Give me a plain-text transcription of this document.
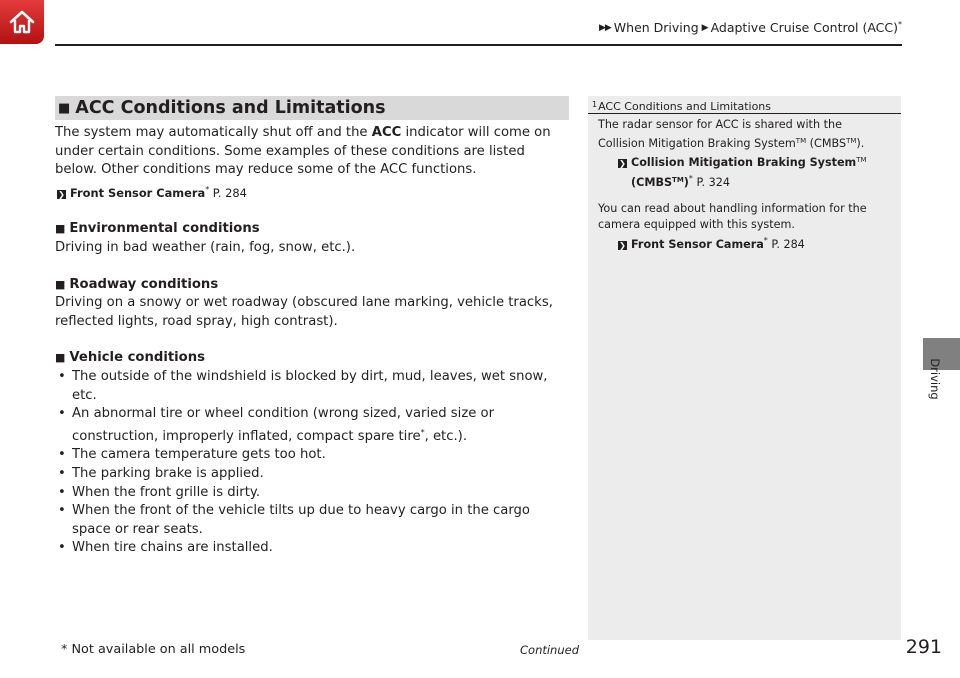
▶▶ When Driving ▶ Adaptive Cruise Control (ACC)*
■ ACC Conditions and Limitations

The system may automatically shut off and the ACC indicator will come on under certain conditions. Some examples of these conditions are listed below. Other conditions may reduce some of the ACC functions.

❯ Front Sensor Camera* P. 284
■ Environmental conditions

Driving in bad weather (rain, fog, snow, etc.).

■ Roadway conditions

Driving on a snowy or wet roadway (obscured lane marking, vehicle tracks, reflected lights, road spray, high contrast).

■ Vehicle conditions
• The outside of the windshield is blocked by dirt, mud, leaves, wet snow, etc.
• An abnormal tire or wheel condition (wrong sized, varied size or construction, improperly inflated, compact spare tire*, etc.).
• The camera temperature gets too hot.
• The parking brake is applied.
• When the front grille is dirty.
• When the front of the vehicle tilts up due to heavy cargo in the cargo space or rear seats.
• When tire chains are installed.
$^1$ACC Conditions and Limitations

The radar sensor for ACC is shared with the Collision Mitigation Braking System™ (CMBS™).

❯ Collision Mitigation Braking System™
(CMBS™)* P. 324

You can read about handling information for the camera equipped with this system.

❯ Front Sensor Camera* P. 284
Driving
* Not available on all models	Continued	291
